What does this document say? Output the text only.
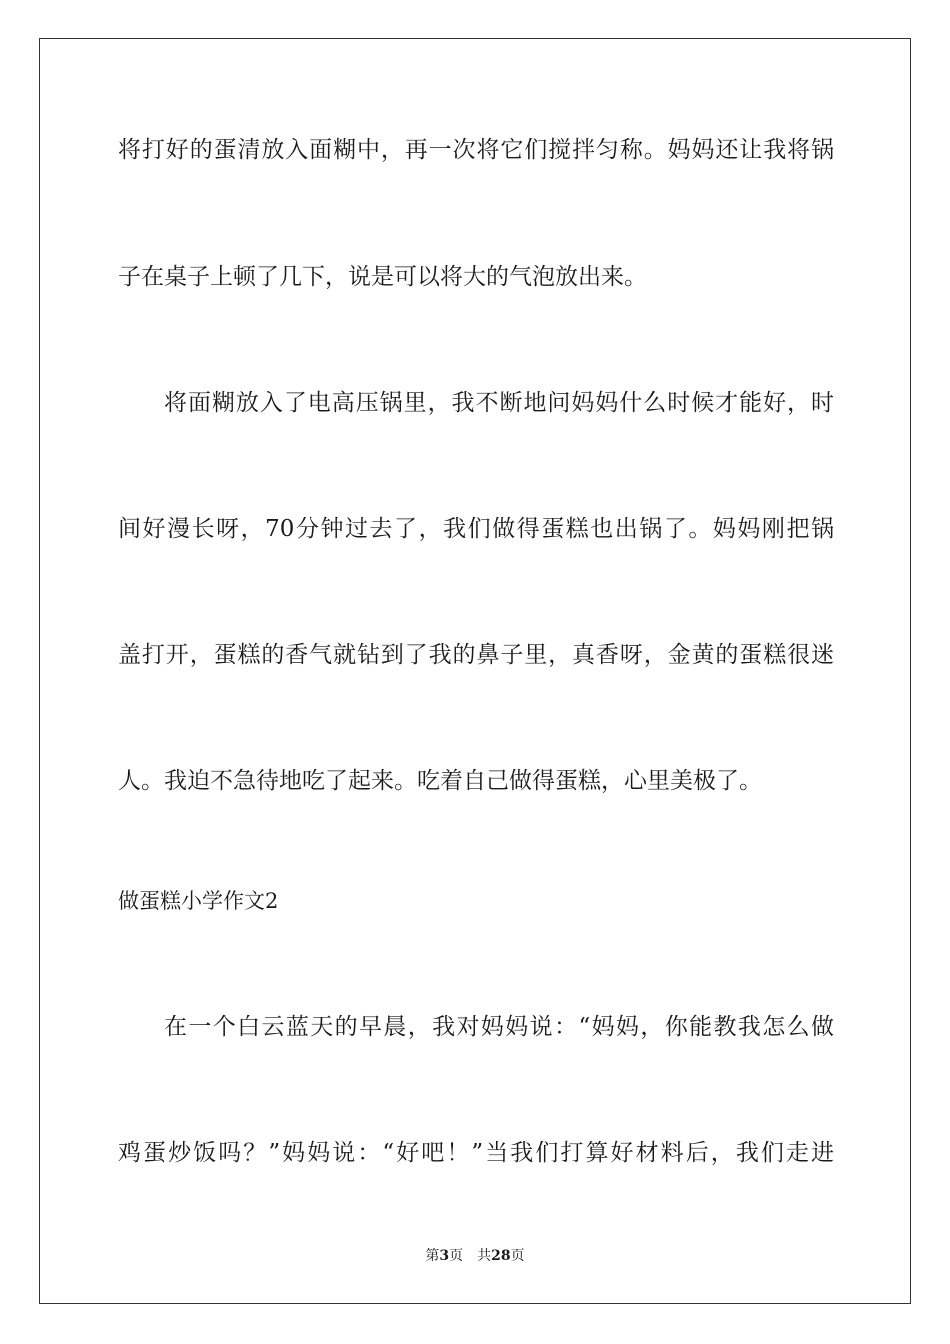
将打好的蛋清放入面糊中，再一次将它们搅拌匀称。妈妈还让我将锅
子在桌子上顿了几下，说是可以将大的气泡放出来。
将面糊放入了电高压锅里，我不断地问妈妈什么时候才能好，时
间好漫长呀，70分钟过去了，我们做得蛋糕也出锅了。妈妈刚把锅
盖打开，蛋糕的香气就钻到了我的鼻子里，真香呀，金黄的蛋糕很迷
人。我迫不急待地吃了起来。吃着自己做得蛋糕，心里美极了。
做蛋糕小学作文2
在一个白云蓝天的早晨，我对妈妈说：“妈妈，你能教我怎么做
鸡蛋炒饭吗？”妈妈说：“好吧！”当我们打算好材料后，我们走进
第3页　共28页
